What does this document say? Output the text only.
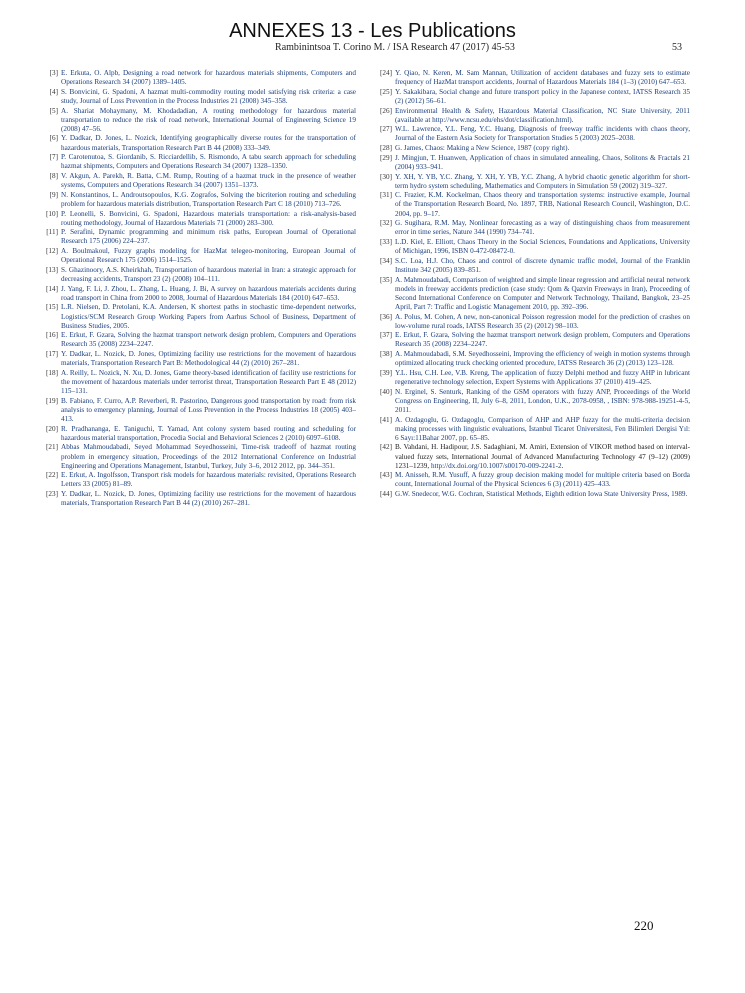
ANNEXES 13 - Les Publications
Rambinintsoa T. Corino M. / ISA Research 47 (2017) 45-53	53
[3] E. Erkuta, O. Alpb, Designing a road network for hazardous materials shipments, Computers and Operations Research 34 (2007) 1389–1405.
[4] S. Bonvicini, G. Spadoni, A hazmat multi-commodity routing model satisfying risk criteria: a case study, Journal of Loss Prevention in the Process Industries 21 (2008) 345–358.
[5] A. Shariat Mohaymany, M. Khodadadian, A routing methodology for hazardous material transportation to reduce the risk of road network, International Journal of Engineering Science 19 (2008) 47–56.
[6] Y. Dadkar, D. Jones, L. Nozick, Identifying geographically diverse routes for the transportation of hazardous materials, Transportation Research Part B 44 (2008) 333–349.
[7] P. Carotenutoa, S. Giordanib, S. Ricciardellib, S. Rismondo, A tabu search approach for scheduling hazmat shipments, Computers and Operations Research 34 (2007) 1328–1350.
[8] V. Akgun, A. Parekh, R. Batta, C.M. Rump, Routing of a hazmat truck in the presence of weather systems, Computers and Operations Research 34 (2007) 1351–1373.
[9] N. Konstantinos, L. Androutsopoulos, K.G. Zografos, Solving the bicriterion routing and scheduling problem for hazardous materials distribution, Transportation Research Part C 18 (2010) 713–726.
[10] P. Leonelli, S. Bonvicini, G. Spadoni, Hazardous materials transportation: a risk-analysis-based routing methodology, Journal of Hazardous Materials 71 (2000) 283–300.
[11] P. Serafini, Dynamic programming and minimum risk paths, European Journal of Operational Research 175 (2006) 224–237.
[12] A. Boulmakoul, Fuzzy graphs modeling for HazMat telegeo-monitoring, European Journal of Operational Research 175 (2006) 1514–1525.
[13] S. Ghazinoory, A.S. Kheirkhah, Transportation of hazardous material in Iran: a strategic approach for decreasing accidents, Transport 23 (2) (2008) 104–111.
[14] J. Yang, F. Li, J. Zhou, L. Zhang, L. Huang, J. Bi, A survey on hazardous materials accidents during road transport in China from 2000 to 2008, Journal of Hazardous Materials 184 (2010) 647–653.
[15] L.R. Nielsen, D. Pretolani, K.A. Andersen, K shortest paths in stochastic time-dependent networks, Logistics/SCM Research Group Working Papers from Aarhus School of Business, Department of Business Studies, 2005.
[16] E. Erkut, F. Gzara, Solving the hazmat transport network design problem, Computers and Operations Research 35 (2008) 2234–2247.
[17] Y. Dadkar, L. Nozick, D. Jones, Optimizing facility use restrictions for the movement of hazardous materials, Transportation Research Part B: Methodological 44 (2) (2010) 267–281.
[18] A. Reilly, L. Nozick, N. Xu, D. Jones, Game theory-based identification of facility use restrictions for the movement of hazardous materials under terrorist threat, Transportation Research Part E 48 (2012) 115–131.
[19] B. Fabiano, F. Curro, A.P. Reverberi, R. Pastorino, Dangerous good transportation by road: from risk analysis to emergency planning, Journal of Loss Prevention in the Process Industries 18 (2005) 403–413.
[20] R. Pradhananga, E. Taniguchi, T. Yamad, Ant colony system based routing and scheduling for hazardous material transportation, Procedia Social and Behavioral Sciences 2 (2010) 6097–6108.
[21] Abbas Mahmoudabadi, Seyed Mohammad Seyedhosseini, Time-risk tradeoff of hazmat routing problem in emergency situation, Proceedings of the 2012 International Conference on Industrial Engineering and Operations Management, Istanbul, Turkey, July 3–6, 2012 2012, pp. 344–351.
[22] E. Erkut, A. Ingolfsson, Transport risk models for hazardous materials: revisited, Operations Research Letters 33 (2005) 81–89.
[23] Y. Dadkar, L. Nozick, D. Jones, Optimizing facility use restrictions for the movement of hazardous materials, Transportation Research Part B 44 (2) (2010) 267–281.
[24] Y. Qiao, N. Keren, M. Sam Mannan, Utilization of accident databases and fuzzy sets to estimate frequency of HazMat transport accidents, Journal of Hazardous Materials 184 (1–3) (2010) 647–653.
[25] Y. Sakakibara, Social change and future transport policy in the Japanese context, IATSS Research 35 (2) (2012) 56–61.
[26] Environmental Health & Safety, Hazardous Material Classification, NC State University, 2011 (available at http://www.ncsu.edu/ehs/dot/classification.html).
[27] W.L. Lawrence, Y.L. Feng, Y.C. Huang, Diagnosis of freeway traffic incidents with chaos theory, Journal of the Eastern Asia Society for Transportation Studies 5 (2003) 2025–2038.
[28] G. James, Chaos: Making a New Science, 1987 (copy right).
[29] J. Mingjun, T. Huanwen, Application of chaos in simulated annealing, Chaos, Solitons & Fractals 21 (2004) 933–941.
[30] Y. XH, Y. YB, Y.C. Zhang, Y. XH, Y. YB, Y.C. Zhang, A hybrid chaotic genetic algorithm for short-term hydro system scheduling, Mathematics and Computers in Simulation 59 (2002) 319–327.
[31] C. Frazier, K.M. Kockelman, Chaos theory and transportation systems: instructive example, Journal of the Transportation Research Board, No. 1897, TRB, National Research Council, Washington, D.C. 2004, pp. 9–17.
[32] G. Sugihara, R.M. May, Nonlinear forecasting as a way of distinguishing chaos from measurement error in time series, Nature 344 (1990) 734–741.
[33] L.D. Kiel, E. Elliott, Chaos Theory in the Social Sciences, Foundations and Applications, University of Michigan, 1996, ISBN 0-472-08472-0.
[34] S.C. Loa, H.J. Cho, Chaos and control of discrete dynamic traffic model, Journal of the Franklin Institute 342 (2005) 839–851.
[35] A. Mahmoudabadi, Comparison of weighted and simple linear regression and artificial neural network models in freeway accidents prediction (case study: Qom & Qazvin Freeways in Iran), Proceeding of Second International Conference on Computer and Network Technology, Thailand, Bangkok, 23–25 April, Part 7: Traffic and Logistic Management 2010, pp. 392–396.
[36] A. Polus, M. Cohen, A new, non-canonical Poisson regression model for the prediction of crashes on low-volume rural roads, IATSS Research 35 (2) (2012) 98–103.
[37] E. Erkut, F. Gzara, Solving the hazmat transport network design problem, Computers and Operations Research 35 (2008) 2234–2247.
[38] A. Mahmoudabadi, S.M. Seyedhosseini, Improving the efficiency of weigh in motion systems through optimized allocating truck checking oriented procedure, IATSS Research 36 (2) (2013) 123–128.
[39] Y.L. Hsu, C.H. Lee, V.B. Kreng, The application of fuzzy Delphi method and fuzzy AHP in lubricant regenerative technology selection, Expert Systems with Applications 37 (2010) 419–425.
[40] N. Erginel, S. Senturk, Ranking of the GSM operators with fuzzy ANP, Proceedings of the World Congress on Engineering, II, July 6–8, 2011, London, U.K., 2078-0958, , ISBN: 978-988-19251-4-5, 2011.
[41] A. Ozdagoglu, G. Ozdagoglu, Comparison of AHP and AHP fuzzy for the multi-criteria decision making processes with linguistic evaluations, İstanbul Ticaret Üniversitesi, Fen Bilimleri Dergisi Yıl: 6 Sayı:11Bahar 2007, pp. 65–85.
[42] B. Vahdani, H. Hadipour, J.S. Sadaghiani, M. Amiri, Extension of VIKOR method based on interval-valued fuzzy sets, International Journal of Advanced Manufacturing Technology 47 (9–12) (2009) 1231–1239, http://dx.doi.org/10.1007/s00170-009-2241-2.
[43] M. Anisseh, R.M. Yusuff, A fuzzy group decision making model for multiple criteria based on Borda count, International Journal of the Physical Sciences 6 (3) (2011) 425–433.
[44] G.W. Snedecor, W.G. Cochran, Statistical Methods, Eighth edition Iowa State University Press, 1989.
220
